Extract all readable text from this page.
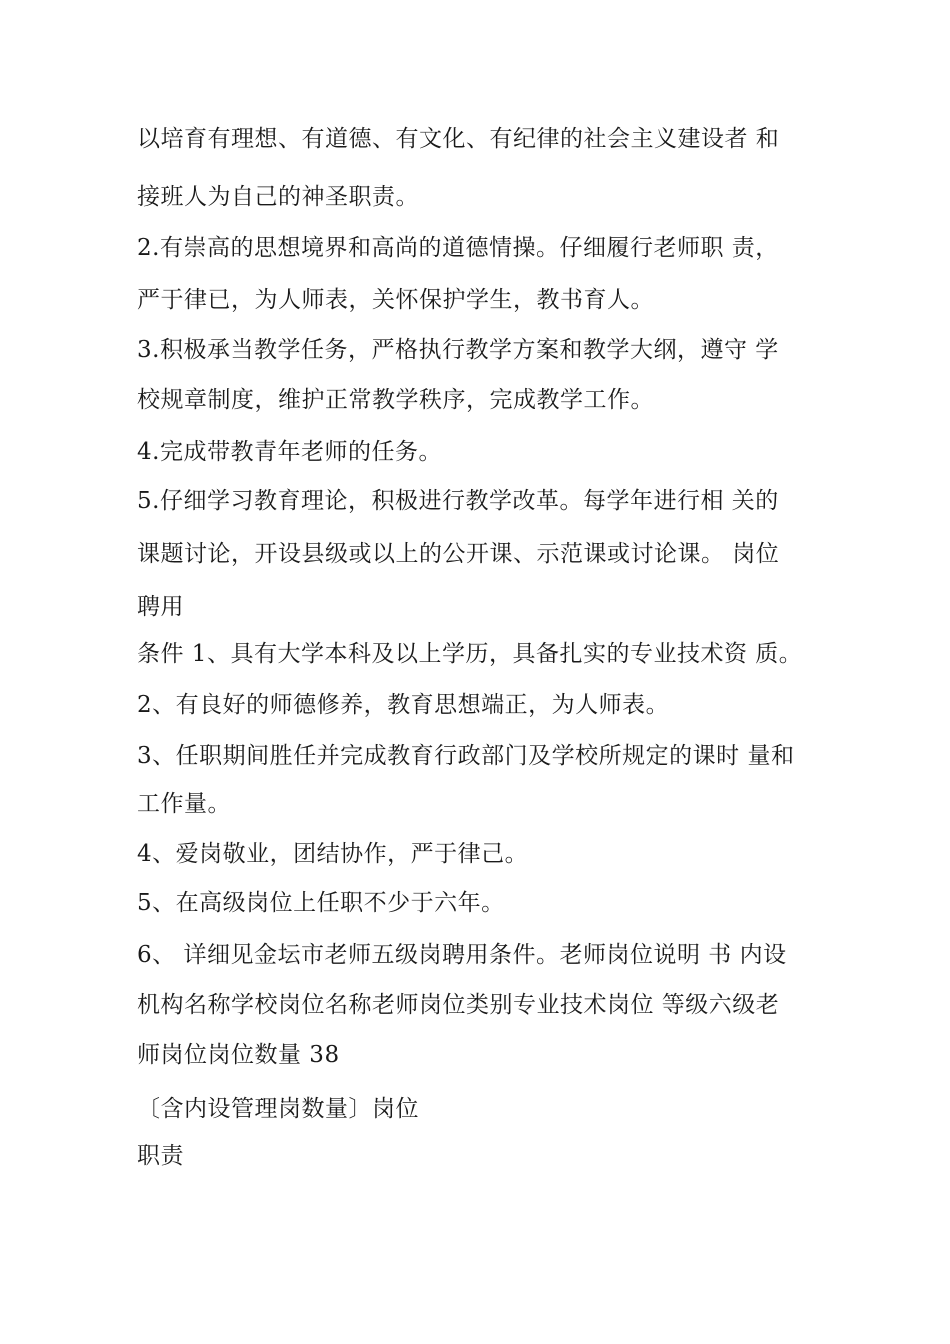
以培育有理想、有道德、有文化、有纪律的社会主义建设者 和
接班人为自己的神圣职责。
2.有崇高的思想境界和高尚的道德情操。仔细履行老师职 责，
严于律已，为人师表，关怀保护学生，教书育人。
3.积极承当教学任务，严格执行教学方案和教学大纲，遵守 学
校规章制度，维护正常教学秩序，完成教学工作。
4.完成带教青年老师的任务。
5.仔细学习教育理论，积极进行教学改革。每学年进行相 关的
课题讨论，开设县级或以上的公开课、示范课或讨论课。 岗位
聘用
条件 1、具有大学本科及以上学历，具备扎实的专业技术资 质。
2、有良好的师德修养，教育思想端正，为人师表。
3、任职期间胜任并完成教育行政部门及学校所规定的课时 量和
工作量。
4、爱岗敬业，团结协作，严于律己。
5、在高级岗位上任职不少于六年。
6、 详细见金坛市老师五级岗聘用条件。老师岗位说明 书 内设
机构名称学校岗位名称老师岗位类别专业技术岗位 等级六级老
师岗位岗位数量 38
〔含内设管理岗数量〕岗位
职责
